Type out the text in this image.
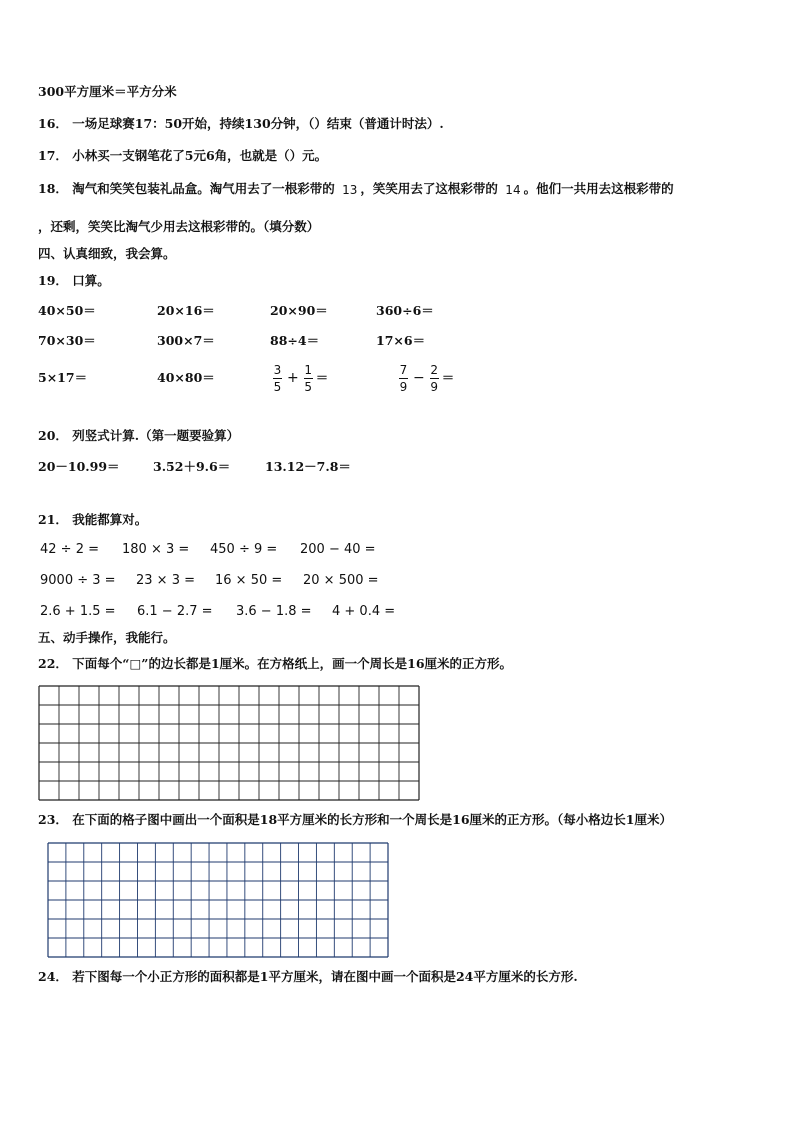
300平方厘米＝平方分米
16． 一场足球赛17：50开始，持续130分钟，（）结束（普通计时法）.
17． 小林买一支钢笔花了5元6角，也就是（）元。
18． 淘气和笑笑包装礼品盒。淘气用去了一根彩带的 13 ，笑笑用去了这根彩带的 14 。他们一共用去这根彩带的
，还剩，笑笑比淘气少用去这根彩带的。（填分数）
四、认真细致，我会算。
19． 口算。
40×50＝	20×16＝	20×90＝	360÷6＝
70×30＝	300×7＝	88÷4＝	17×6＝
5×17＝	40×80＝	$\frac{3}{5} + \frac{1}{5}$ ＝	$\frac{7}{9} - \frac{2}{9}$ ＝
20． 列竖式计算.（第一题要验算）
20－10.99＝	3.52＋9.6＝	13.12－7.8＝
21． 我能都算对。
42 ÷ 2 = 180 × 3 = 450 ÷ 9 = 200 − 40 =
9000 ÷ 3 = 23 × 3 = 16 × 50 = 20 × 500 =
2.6 + 1.5 = 6.1 − 2.7 = 3.6 − 1.8 = 4 + 0.4 =
五、动手操作，我能行。
22． 下面每个“□”的边长都是1厘米。在方格纸上，画一个周长是16厘米的正方形。
23． 在下面的格子图中画出一个面积是18平方厘米的长方形和一个周长是16厘米的正方形。（每小格边长1厘米）
24． 若下图每一个小正方形的面积都是1平方厘米，请在图中画一个面积是24平方厘米的长方形.
